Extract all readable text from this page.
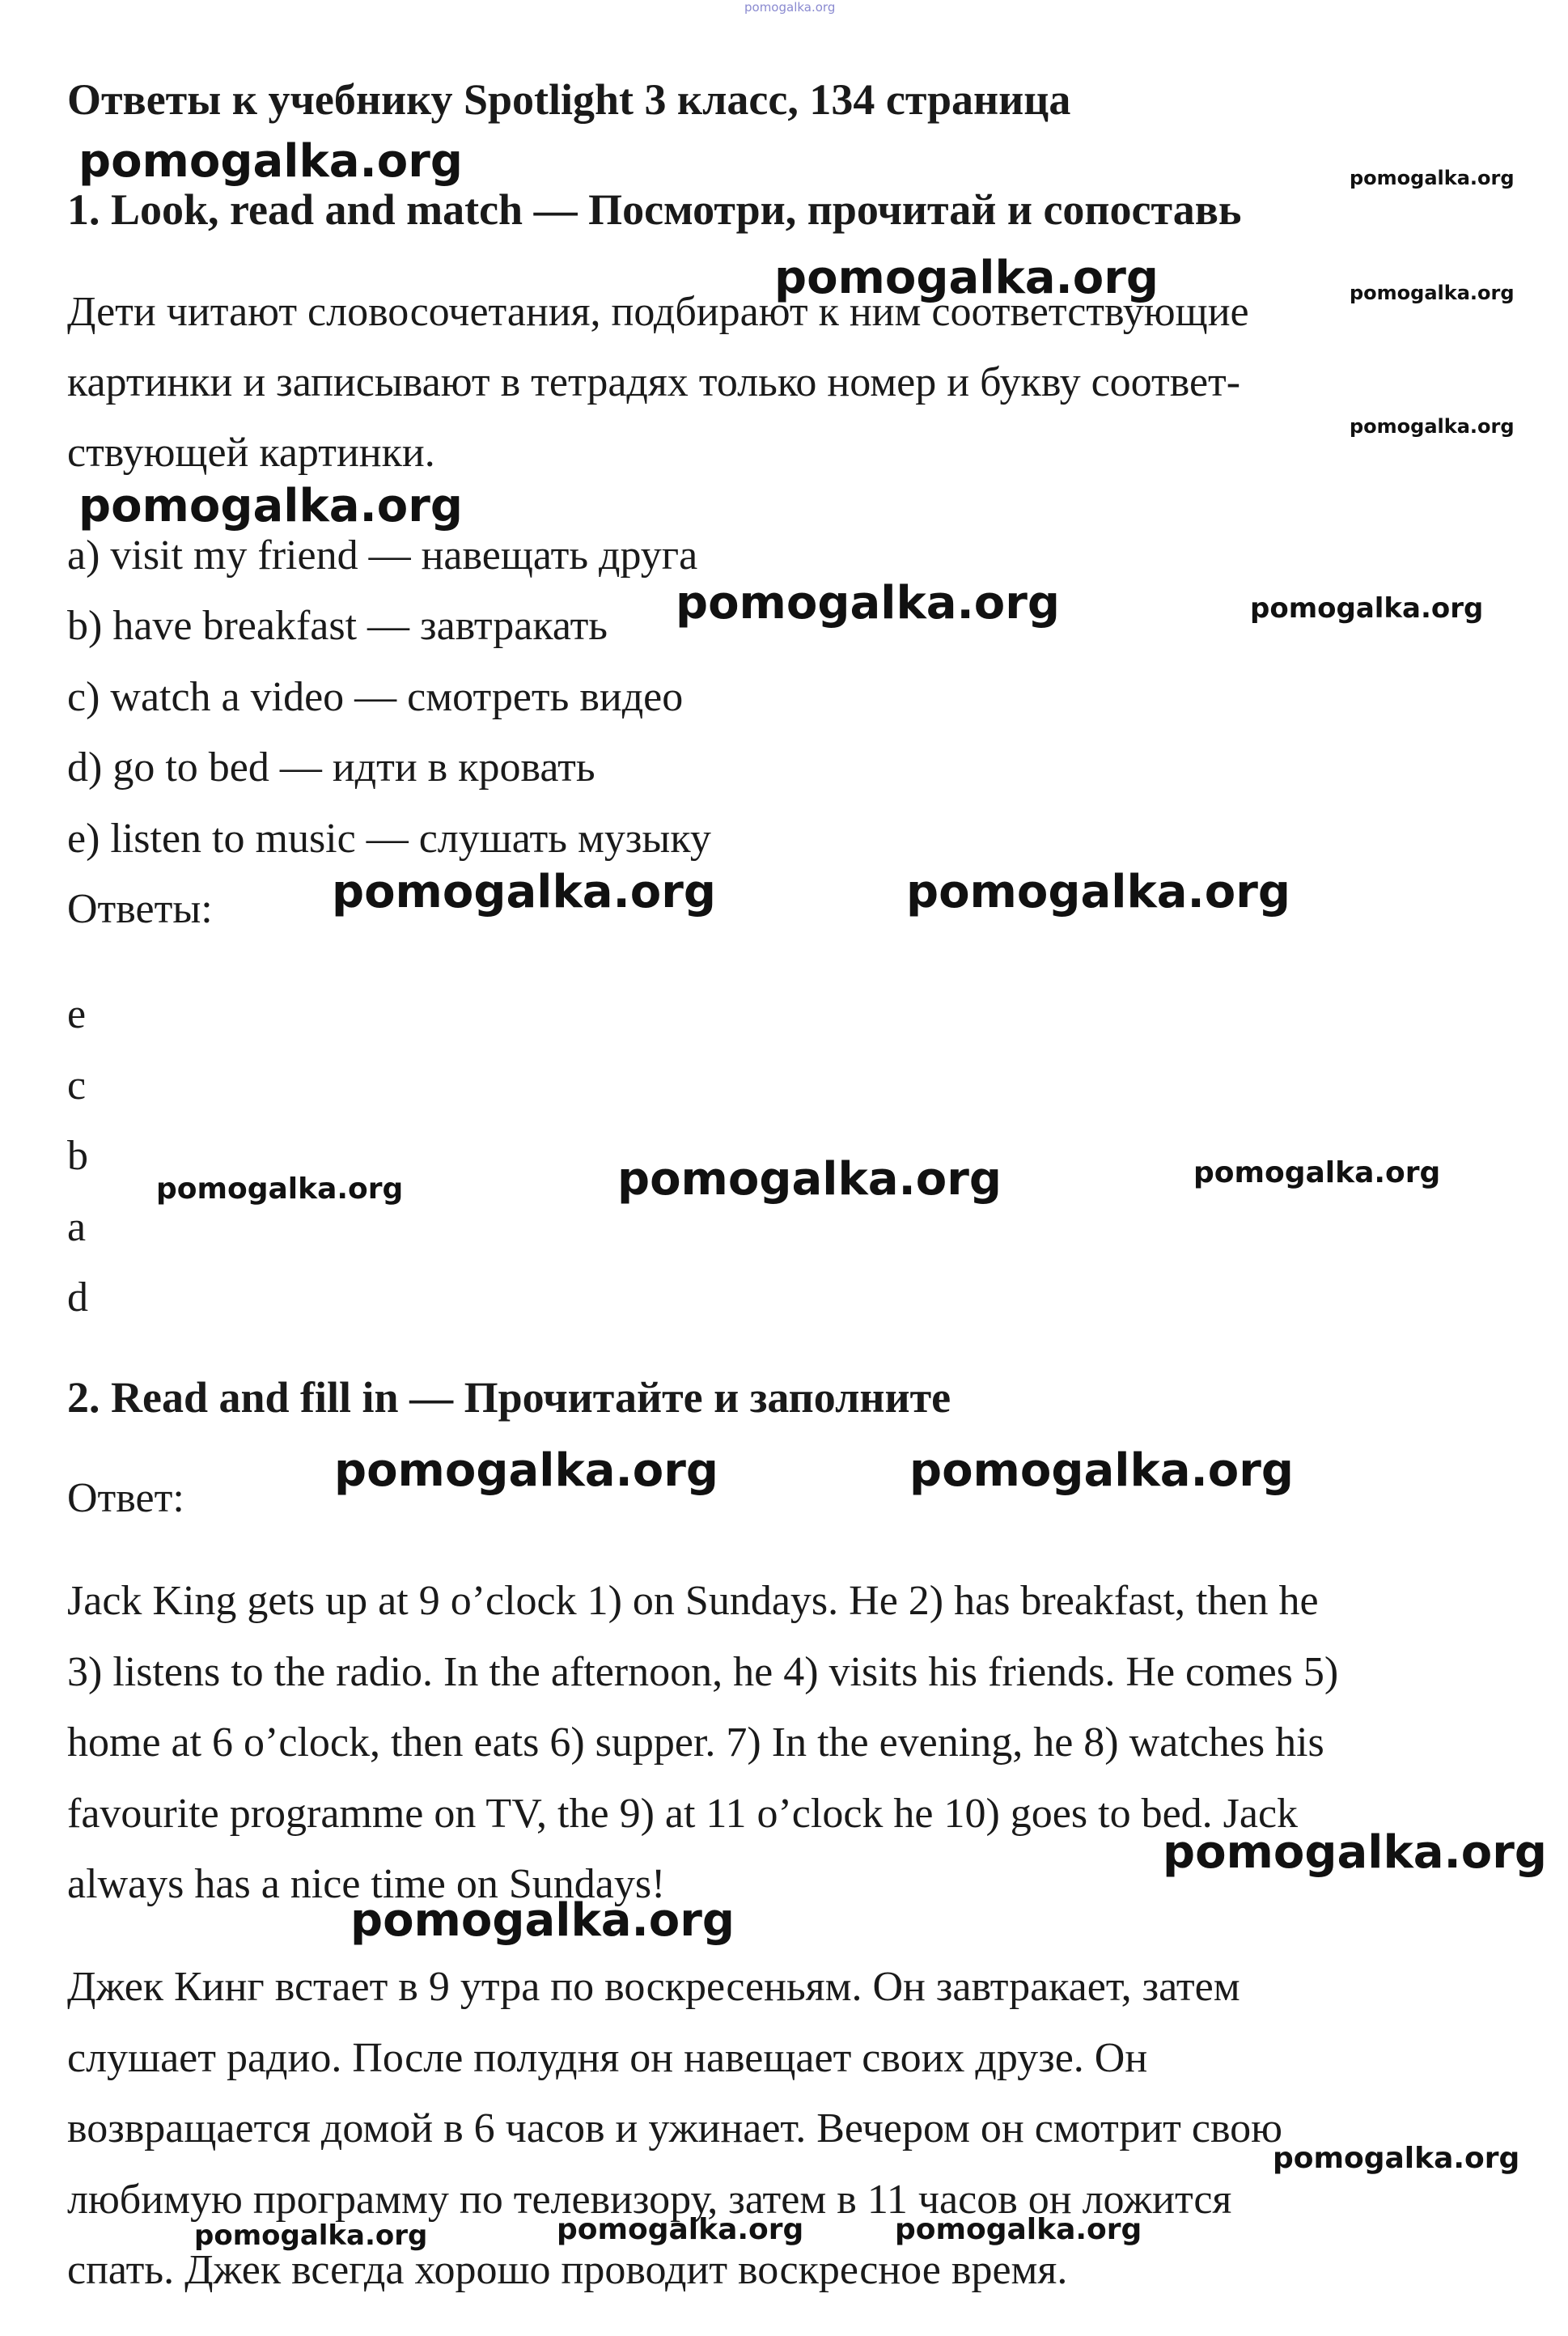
pomogalka.org
Ответы к учебнику Spotlight 3 класс, 134 страница
1. Look, read and match — Посмотри, прочитай и сопоставь
Дети читают словосочетания, подбирают к ним соответствующие
картинки и записывают в тетрадях только номер и букву соответ-
ствующей картинки.
a) visit my friend — навещать друга
b) have breakfast — завтракать
c) watch a video — смотреть видео
d) go to bed — идти в кровать
e) listen to music — слушать музыку
Ответы:
e
c
b
a
d
2. Read and fill in — Прочитайте и заполните
Ответ:
Jack King gets up at 9 o’clock 1) on Sundays. He 2) has breakfast, then he
3) listens to the radio. In the afternoon, he 4) visits his friends. He comes 5)
home at 6 o’clock, then eats 6) supper. 7) In the evening, he 8) watches his
favourite programme on TV, the 9) at 11 o’clock he 10) goes to bed. Jack
always has a nice time on Sundays!
Джек Кинг встает в 9 утра по воскресеньям. Он завтракает, затем
слушает радио. После полудня он навещает своих друзе. Он
возвращается домой в 6 часов и ужинает. Вечером он смотрит свою
любимую программу по телевизору, затем в 11 часов он ложится
спать. Джек всегда хорошо проводит воскресное время.
pomogalka.org	pomogalka.org
pomogalka.org	pomogalka.org
pomogalka.org
pomogalka.org
pomogalka.org	pomogalka.org
pomogalka.org	pomogalka.org
pomogalka.org	pomogalka.org
pomogalka.org
pomogalka.org	pomogalka.org
pomogalka.org
pomogalka.org
pomogalka.org
pomogalka.org	pomogalka.org	pomogalka.org
